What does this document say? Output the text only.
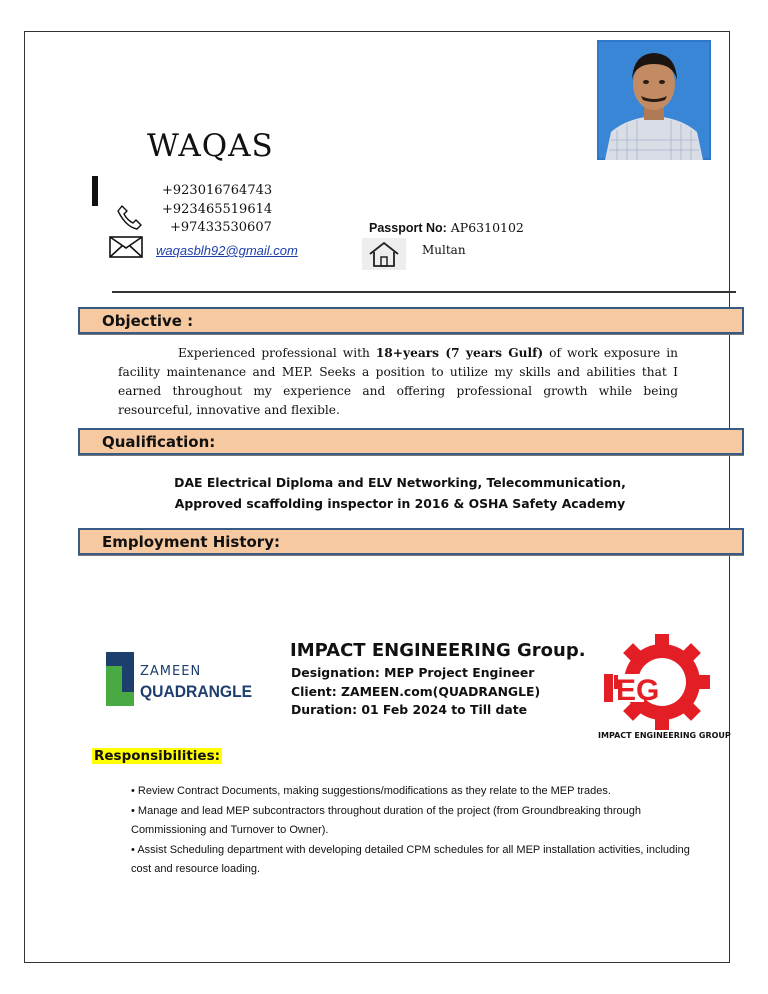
WAQAS
+923016764743
+923465519614
+97433530607
waqasblh92@gmail.com
Passport No: AP6310102
Multan
Objective :
Experienced professional with 18+years (7 years Gulf) of work exposure in facility maintenance and MEP. Seeks a position to utilize my skills and abilities that I earned throughout my experience and offering professional growth while being resourceful, innovative and flexible.
Qualification:
DAE Electrical Diploma and ELV Networking, Telecommunication,
Approved scaffolding inspector in 2016 & OSHA Safety Academy
Employment History:
ZAMEEN
QUADRANGLE
IMPACT ENGINEERING Group.
Designation: MEP Project Engineer
Client: ZAMEEN.com(QUADRANGLE)
Duration: 01 Feb 2024 to Till date
EG
IMPACT ENGINEERING GROUP
Responsibilities:

• Review Contract Documents, making suggestions/modifications as they relate to the MEP trades.

• Manage and lead MEP subcontractors throughout duration of the project (from Groundbreaking through Commissioning and Turnover to Owner).

• Assist Scheduling department with developing detailed CPM schedules for all MEP installation activities, including cost and resource loading.
